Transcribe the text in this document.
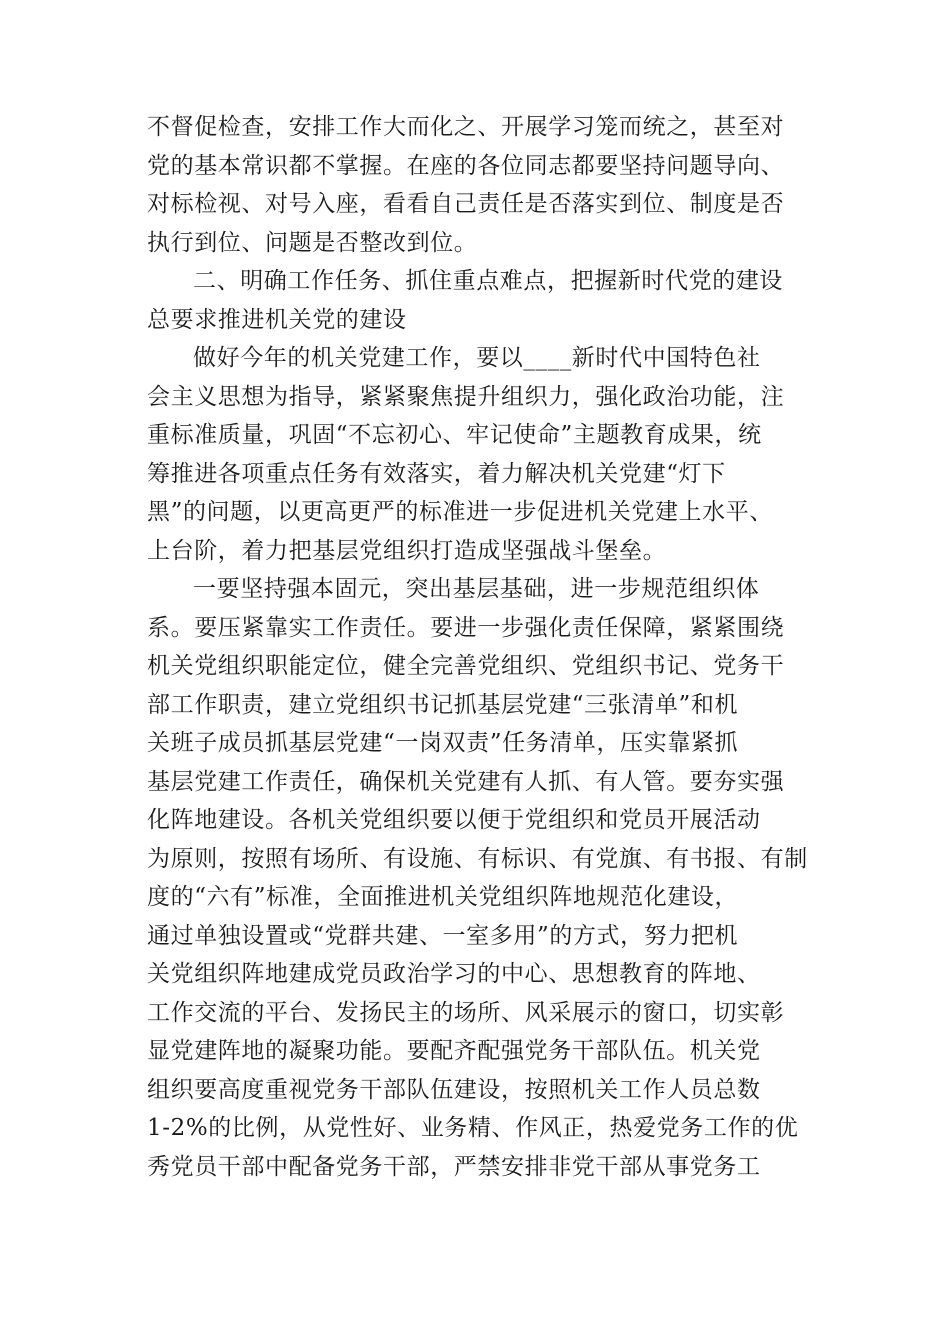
不督促检查，安排工作大而化之、开展学习笼而统之，甚至对
党的基本常识都不掌握。在座的各位同志都要坚持问题导向、
对标检视、对号入座，看看自己责任是否落实到位、制度是否
执行到位、问题是否整改到位。
二、明确工作任务、抓住重点难点，把握新时代党的建设
总要求推进机关党的建设
做好今年的机关党建工作，要以____新时代中国特色社
会主义思想为指导，紧紧聚焦提升组织力，强化政治功能，注
重标准质量，巩固“不忘初心、牢记使命”主题教育成果，统
筹推进各项重点任务有效落实，着力解决机关党建“灯下
黑”的问题，以更高更严的标准进一步促进机关党建上水平、
上台阶，着力把基层党组织打造成坚强战斗堡垒。
一要坚持强本固元，突出基层基础，进一步规范组织体
系。要压紧靠实工作责任。要进一步强化责任保障，紧紧围绕
机关党组织职能定位，健全完善党组织、党组织书记、党务干
部工作职责，建立党组织书记抓基层党建“三张清单”和机
关班子成员抓基层党建“一岗双责”任务清单，压实靠紧抓
基层党建工作责任，确保机关党建有人抓、有人管。要夯实强
化阵地建设。各机关党组织要以便于党组织和党员开展活动
为原则，按照有场所、有设施、有标识、有党旗、有书报、有制
度的“六有”标准，全面推进机关党组织阵地规范化建设，
通过单独设置或“党群共建、一室多用”的方式，努力把机
关党组织阵地建成党员政治学习的中心、思想教育的阵地、
工作交流的平台、发扬民主的场所、风采展示的窗口，切实彰
显党建阵地的凝聚功能。要配齐配强党务干部队伍。机关党
组织要高度重视党务干部队伍建设，按照机关工作人员总数
1-2%的比例，从党性好、业务精、作风正，热爱党务工作的优
秀党员干部中配备党务干部，严禁安排非党干部从事党务工
